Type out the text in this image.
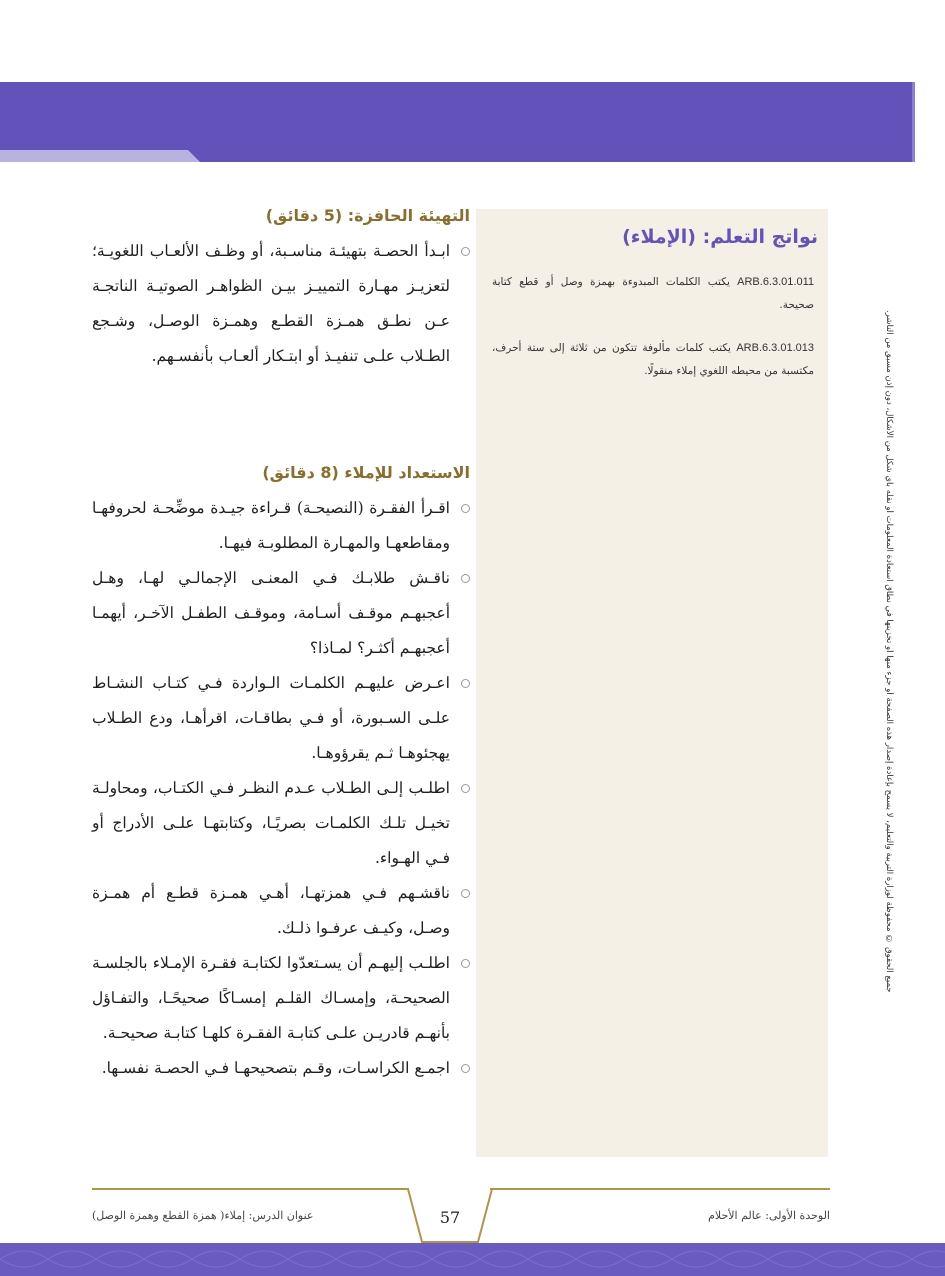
نواتج التعلم: (الإملاء)
ARB.6.3.01.011 يكتب الكلمات المبدوءة بهمزة وصل أو قطع كتابة صحيحة.
ARB.6.3.01.013 يكتب كلمات مألوفة تتكون من ثلاثة إلى ستة أحرف، مكتسبة من محيطه اللغوي إملاء منقولًا.
التهيئة الحافزة: (5 دقائق)
ابـدأ الحصـة بتهيئـة مناسـبة، أو وظـف الألعـاب اللغويـة؛ لتعزيـز مهـارة التمييـز بيـن الظواهـر الصوتيـة الناتجـة عـن نطـق همـزة القطـع وهمـزة الوصـل، وشـجع الطـلاب علـى تنفيـذ أو ابتـكار ألعـاب بأنفسـهم.
الاستعداد للإملاء (8 دقائق)
اقـرأ الفقـرة (النصيحـة) قـراءة جيـدة موضِّحـة لحروفهـا ومقاطعهـا والمهـارة المطلوبـة فيهـا.
ناقـش طلابـك فـي المعنـى الإجمالـي لهـا، وهـل أعجبهـم موقـف أسـامة، وموقـف الطفـل الآخـر، أيهمـا أعجبهـم أكثـر؟ لمـاذا؟
اعـرض عليهـم الكلمـات الـواردة فـي كتـاب النشـاط علـى السـبورة، أو فـي بطاقـات، اقرأهـا، ودع الطـلاب يهجئوهـا ثـم يقرؤوهـا.
اطلـب إلـى الطـلاب عـدم النظـر فـي الكتـاب، ومحاولـة تخيـل تلـك الكلمـات بصريًـا، وكتابتهـا علـى الأدراج أو فـي الهـواء.
ناقشـهم فـي همزتهـا، أهـي همـزة قطـع أم همـزة وصـل، وكيـف عرفـوا ذلـك.
اطلـب إليهـم أن يسـتعدّوا لكتابـة فقـرة الإمـلاء بالجلسـة الصحيحـة، وإمسـاك القلـم إمسـاكًا صحيحًـا، والتفـاؤل بأنهـم قادريـن علـى كتابـة الفقـرة كلهـا كتابـة صحيحـة.
اجمـع الكراسـات، وقـم بتصحيحهـا فـي الحصـة نفسـها.
جميع الحقوق © محفوظة لوزارة التربية والتعليم، لا يسمح بإعادة إصدار هذه الصفحة أو جزء منها أو تخزينها في نطاق استعادة المعلومات أو نقله بأي شكل من الأشكال، دون إذن مسبق من الناشر.
57	الوحدة الأولى: عالم الأحلام
عنوان الدرس: إملاء( همزة القطع وهمزة الوصل)
